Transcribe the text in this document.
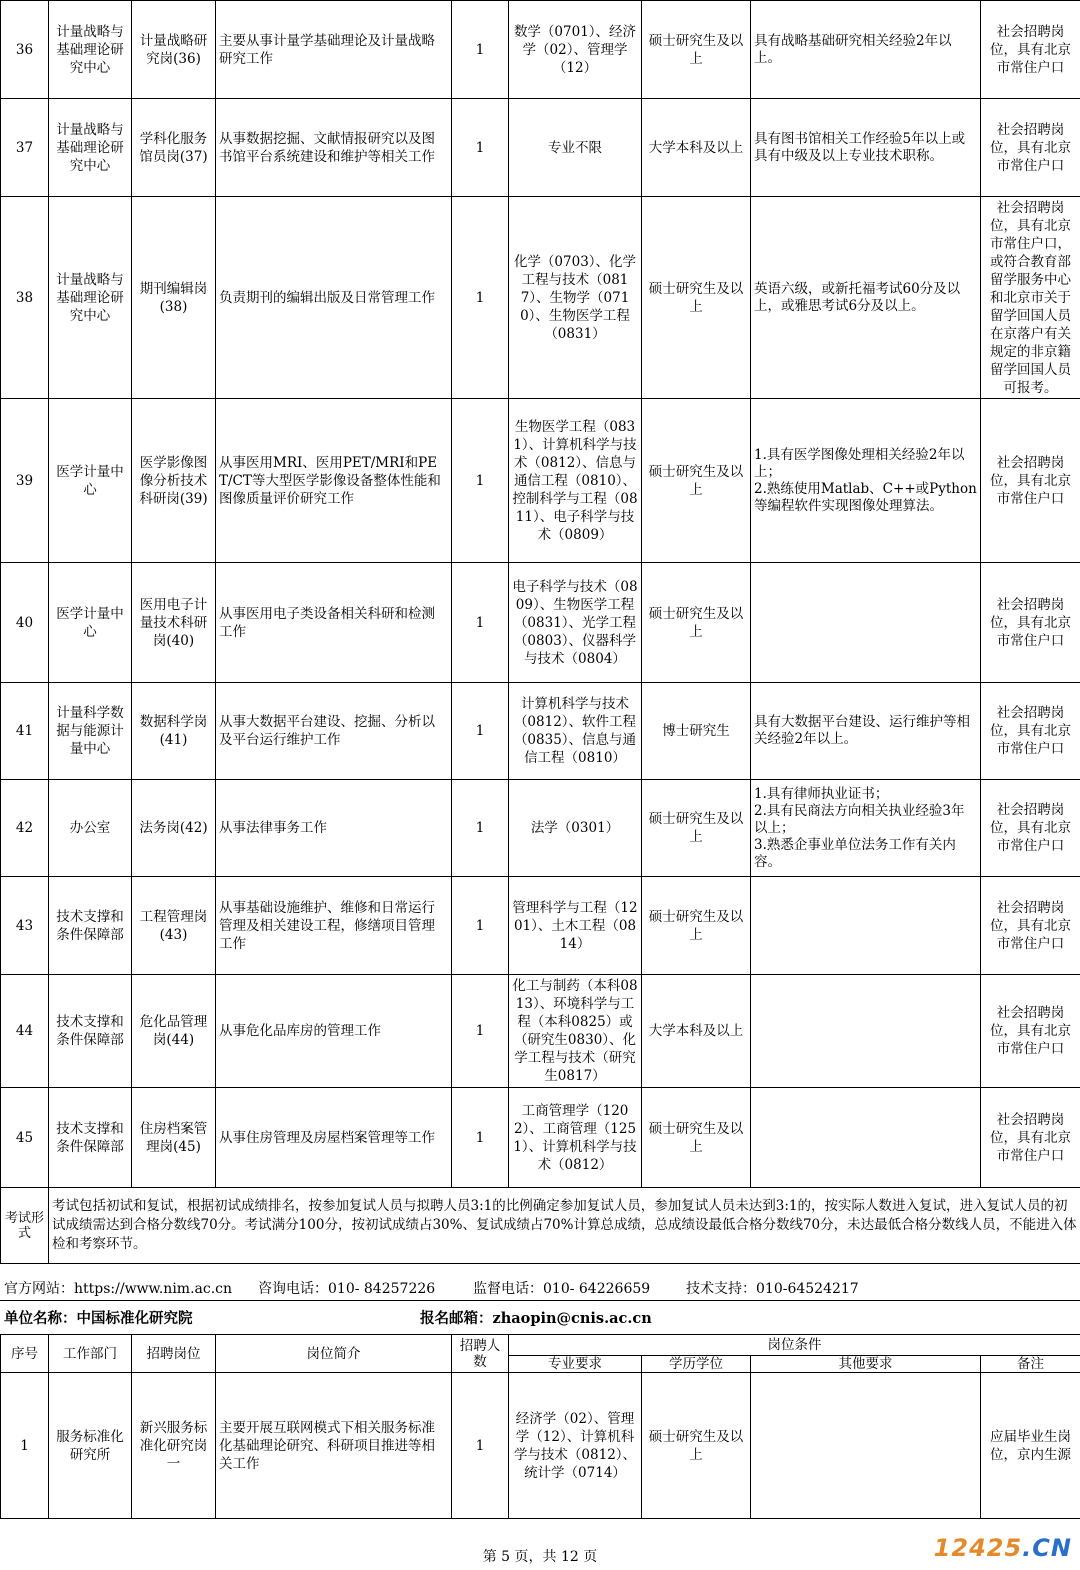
36	计量战略与基础理论研究中心	计量战略研究岗(36)	主要从事计量学基础理论及计量战略研究工作	1	数学（0701）、经济学（02）、管理学（12）	硕士研究生及以上	具有战略基础研究相关经验2年以上。	社会招聘岗位，具有北京市常住户口
37	计量战略与基础理论研究中心	学科化服务馆员岗(37)	从事数据挖掘、文献情报研究以及图书馆平台系统建设和维护等相关工作	1	专业不限	大学本科及以上	具有图书馆相关工作经验5年以上或具有中级及以上专业技术职称。	社会招聘岗位，具有北京市常住户口
38	计量战略与基础理论研究中心	期刊编辑岗(38)	负责期刊的编辑出版及日常管理工作	1	化学（0703）、化学工程与技术（0817）、生物学（0710）、生物医学工程（0831）	硕士研究生及以上	英语六级，或新托福考试60分及以上，或雅思考试6分及以上。	社会招聘岗位，具有北京市常住户口，或符合教育部留学服务中心和北京市关于留学回国人员在京落户有关规定的非京籍留学回国人员可报考。
39	医学计量中心	医学影像图像分析技术科研岗(39)	从事医用MRI、医用PET/MRI和PET/CT等大型医学影像设备整体性能和图像质量评价研究工作	1	生物医学工程（0831）、计算机科学与技术（0812）、信息与通信工程（0810）、控制科学与工程（0811）、电子科学与技术（0809）	硕士研究生及以上	1.具有医学图像处理相关经验2年以上；
2.熟练使用Matlab、C++或Python等编程软件实现图像处理算法。	社会招聘岗位，具有北京市常住户口
40	医学计量中心	医用电子计量技术科研岗(40)	从事医用电子类设备相关科研和检测工作	1	电子科学与技术（0809）、生物医学工程（0831）、光学工程（0803）、仪器科学与技术（0804）	硕士研究生及以上		社会招聘岗位，具有北京市常住户口
41	计量科学数据与能源计量中心	数据科学岗(41)	从事大数据平台建设、挖掘、分析以及平台运行维护工作	1	计算机科学与技术（0812）、软件工程（0835）、信息与通信工程（0810）	博士研究生	具有大数据平台建设、运行维护等相关经验2年以上。	社会招聘岗位，具有北京市常住户口
42	办公室	法务岗(42)	从事法律事务工作	1	法学（0301）	硕士研究生及以上	1.具有律师执业证书；
2.具有民商法方向相关执业经验3年以上；
3.熟悉企事业单位法务工作有关内容。	社会招聘岗位，具有北京市常住户口
43	技术支撑和条件保障部	工程管理岗(43)	从事基础设施维护、维修和日常运行管理及相关建设工程，修缮项目管理工作	1	管理科学与工程（1201）、土木工程（0814）	硕士研究生及以上		社会招聘岗位，具有北京市常住户口
44	技术支撑和条件保障部	危化品管理岗(44)	从事危化品库房的管理工作	1	化工与制药（本科0813）、环境科学与工程（本科0825）或（研究生0830）、化学工程与技术（研究生0817）	大学本科及以上		社会招聘岗位，具有北京市常住户口
45	技术支撑和条件保障部	住房档案管理岗(45)	从事住房管理及房屋档案管理等工作	1	工商管理学（1202）、工商管理（1251）、计算机科学与技术（0812）	硕士研究生及以上		社会招聘岗位，具有北京市常住户口
考试形式	考试包括初试和复试，根据初试成绩排名，按参加复试人员与拟聘人员3:1的比例确定参加复试人员，参加复试人员未达到3:1的，按实际人数进入复试，进入复试人员的初试成绩需达到合格分数线70分。考试满分100分，按初试成绩占30%、复试成绩占70%计算总成绩，总成绩设最低合格分数线70分，未达最低合格分数线人员，不能进入体检和考察环节。							
官方网站：https://www.nim.ac.cn 咨询电话：010- 84257226	监督电话：010- 64226659	技术支持：010-64524217
单位名称：中国标准化研究院	报名邮箱：zhaopin@cnis.ac.cn
序号	工作部门	招聘岗位	岗位简介	招聘人数	岗位条件			
					专业要求	学历学位	其他要求	备注
1	服务标准化研究所	新兴服务标准化研究岗一	主要开展互联网模式下相关服务标准化基础理论研究、科研项目推进等相关工作	1	经济学（02）、管理学（12）、计算机科学与技术（0812）、统计学（0714）	硕士研究生及以上		应届毕业生岗位，京内生源
第 5 页，共 12 页	12425.CN
